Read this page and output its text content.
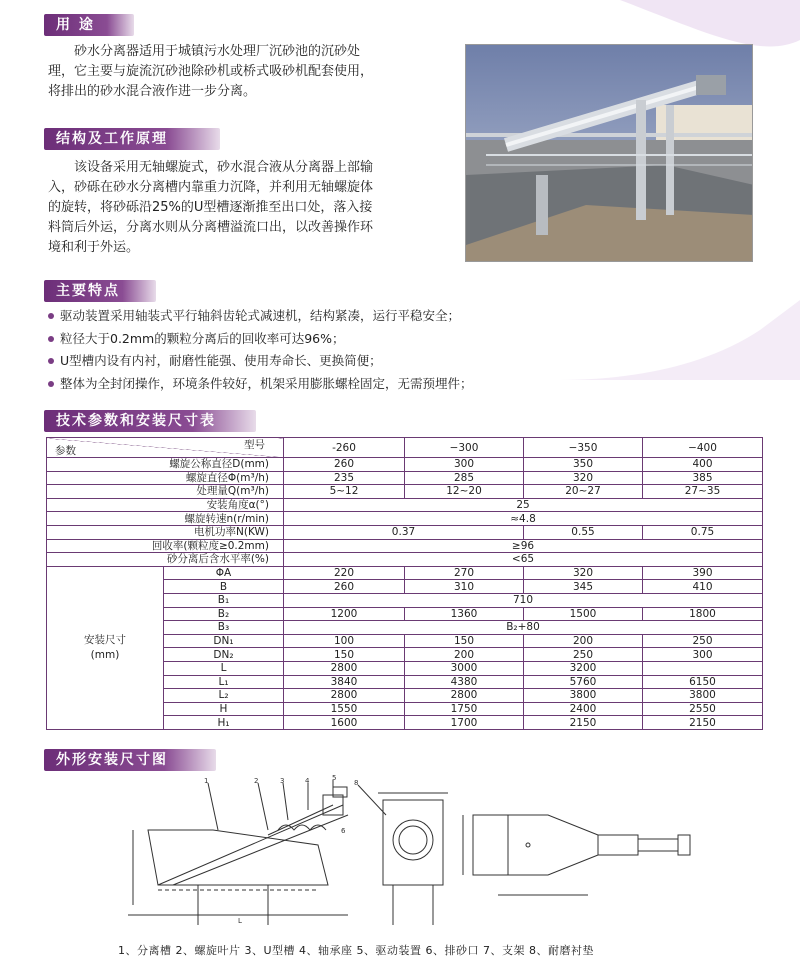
用 途

砂水分离器适用于城镇污水处理厂沉砂池的沉砂处

理，它主要与旋流沉砂池除砂机或桥式吸砂机配套使用，
将排出的砂水混合液作进一步分离。
结构及工作原理

该设备采用无轴螺旋式，砂水混合液从分离器上部输

入，砂砾在砂水分离槽内靠重力沉降，并利用无轴螺旋体
的旋转，将砂砾沿25%的U型槽逐渐推至出口处，落入接
料筒后外运，分离水则从分离槽溢流口出，以改善操作环
境和利于外运。
主要特点
驱动装置采用轴装式平行轴斜齿轮式减速机，结构紧凑，运行平稳安全；
粒径大于0.2mm的颗粒分离后的回收率可达96%；
U型槽内设有内衬，耐磨性能强、使用寿命长、更换简便；
整体为全封闭操作，环境条件较好，机架采用膨胀螺栓固定，无需预埋件；
技术参数和安装尺寸表
型号
参数		-260	−300	−350	−400
螺旋公称直径D(mm)		260	300	350	400
螺旋直径Φ(m³/h)		235	285	320	385
处理量Q(m³/h)		5~12	12~20	20~27	27~35
安装角度α(°)		25			
螺旋转速n(r/min)		≈4.8			
电机功率N(KW)		0.37		0.55	0.75
回收率(颗粒度≥0.2mm)		≥96			
砂分离后含水平率(%)		<65			

安装尺寸
(mm)	ΦA	220	270	320	390
	B	260	310	345	410
	B₁	710			
	B₂	1200	1360	1500	1800
	B₃	B₂+80			
	DN₁	100	150	200	250
	DN₂	150	200	250	300
	L	2800	3000	3200	
	L₁	3840	4380	5760	6150
	L₂	2800	2800	3800	3800
	H	1550	1750	2400	2550
	H₁	1600	1700	2150	2150
外形安装尺寸图
1	2	3	4	5
8
6
L
1、分离槽 2、螺旋叶片 3、U型槽 4、轴承座 5、驱动装置 6、排砂口 7、支架 8、耐磨衬垫
